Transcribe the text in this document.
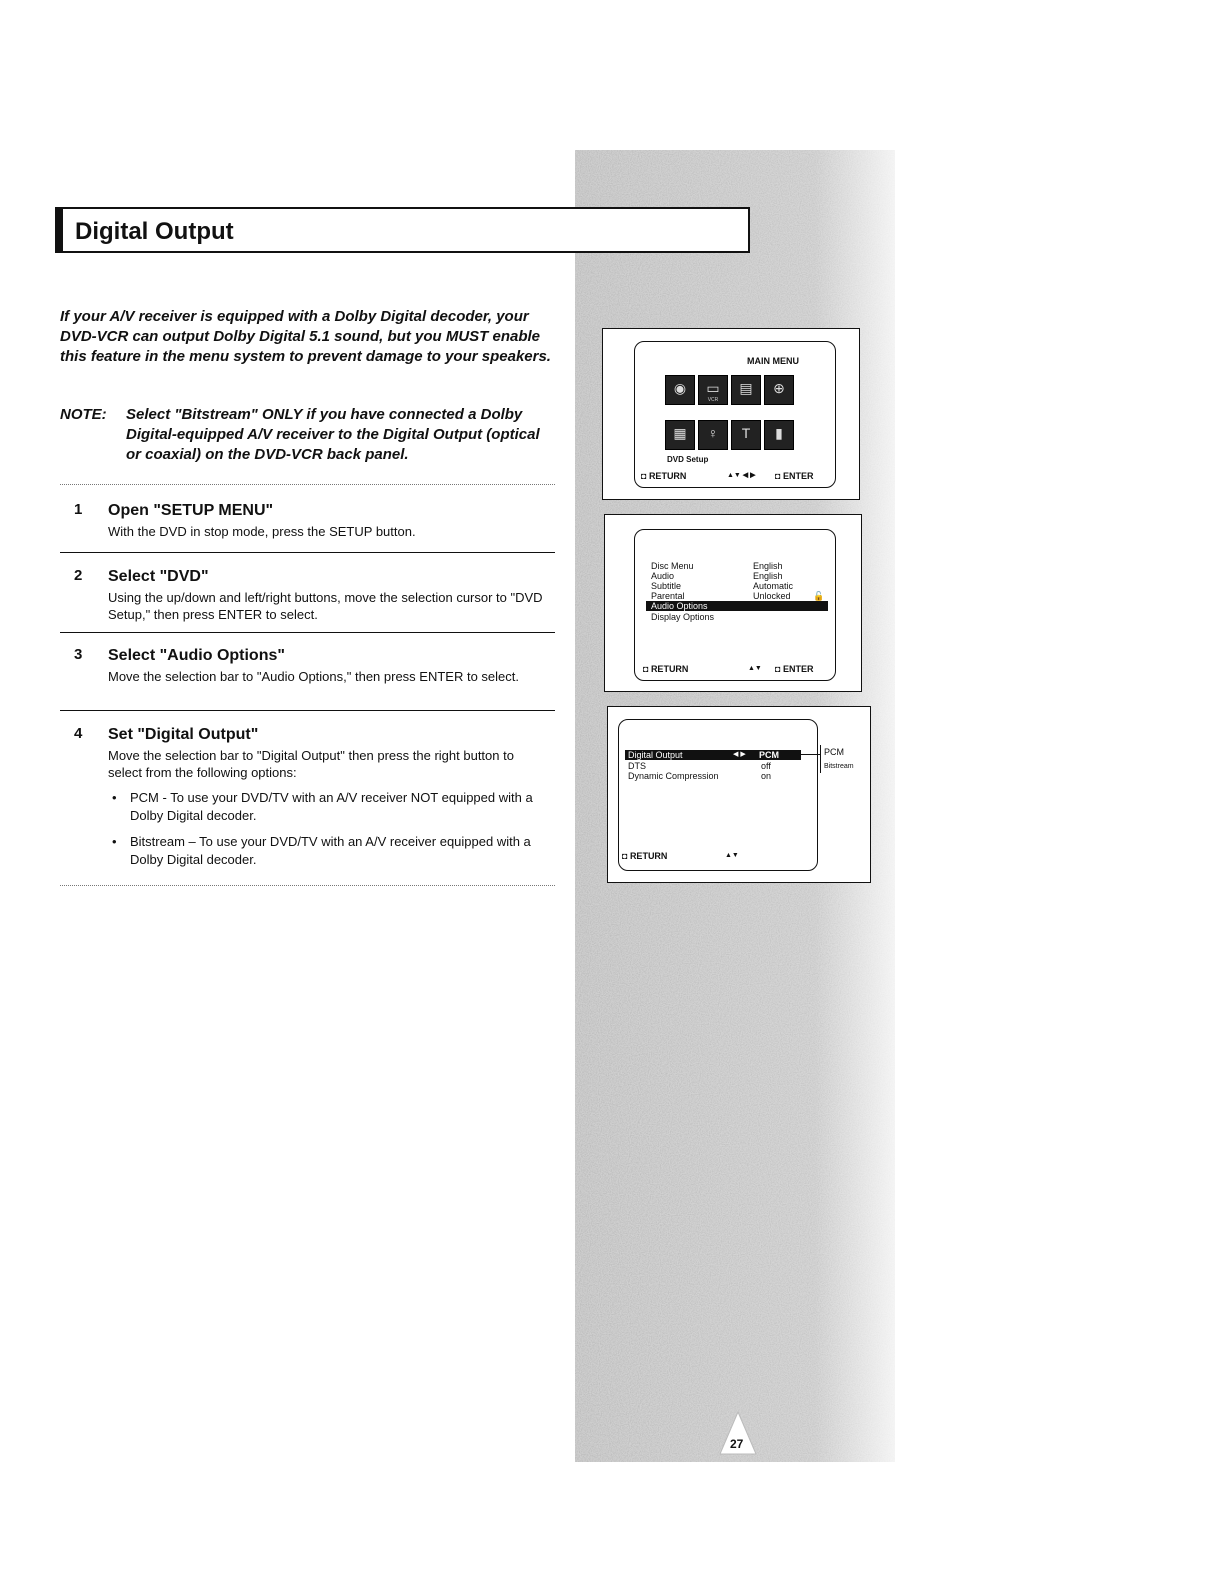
Digital Output
If your A/V receiver is equipped with a Dolby Digital decoder, your DVD-VCR can output Dolby Digital 5.1 sound, but you MUST enable this feature in the menu system to prevent damage to your speakers.
NOTE: Select "Bitstream" ONLY if you have connected a Dolby Digital-equipped A/V receiver to the Digital Output (optical or coaxial) on the DVD-VCR back panel.
1 Open "SETUP MENU"
With the DVD in stop mode, press the SETUP button.
2 Select "DVD"
Using the up/down and left/right buttons, move the selection cursor to "DVD Setup," then press ENTER to select.
3 Select "Audio Options"
Move the selection bar to "Audio Options," then press ENTER to select.
4 Set "Digital Output"
Move the selection bar to "Digital Output" then press the right button to select from the following options:
• PCM - To use your DVD/TV with an A/V receiver NOT equipped with a Dolby Digital decoder.
• Bitstream – To use your DVD/TV with an A/V receiver equipped with a Dolby Digital decoder.
MAIN MENU
◉	▭
VCR
▤	⊕
▦	♀	T	▮
DVD Setup
◘ RETURN	▲▼ ◀ ▶ ◘ ENTER
Disc Menu	English
Audio	English
Subtitle	Automatic
Parental	Unlocked 🔓
Audio Options
Display Options
◘ RETURN	▲▼ ◘ ENTER
Digital Output	◀ ▶ PCM
DTS	off
Dynamic Compression	on
◘ RETURN	▲▼
PCM
Bitstream
27
